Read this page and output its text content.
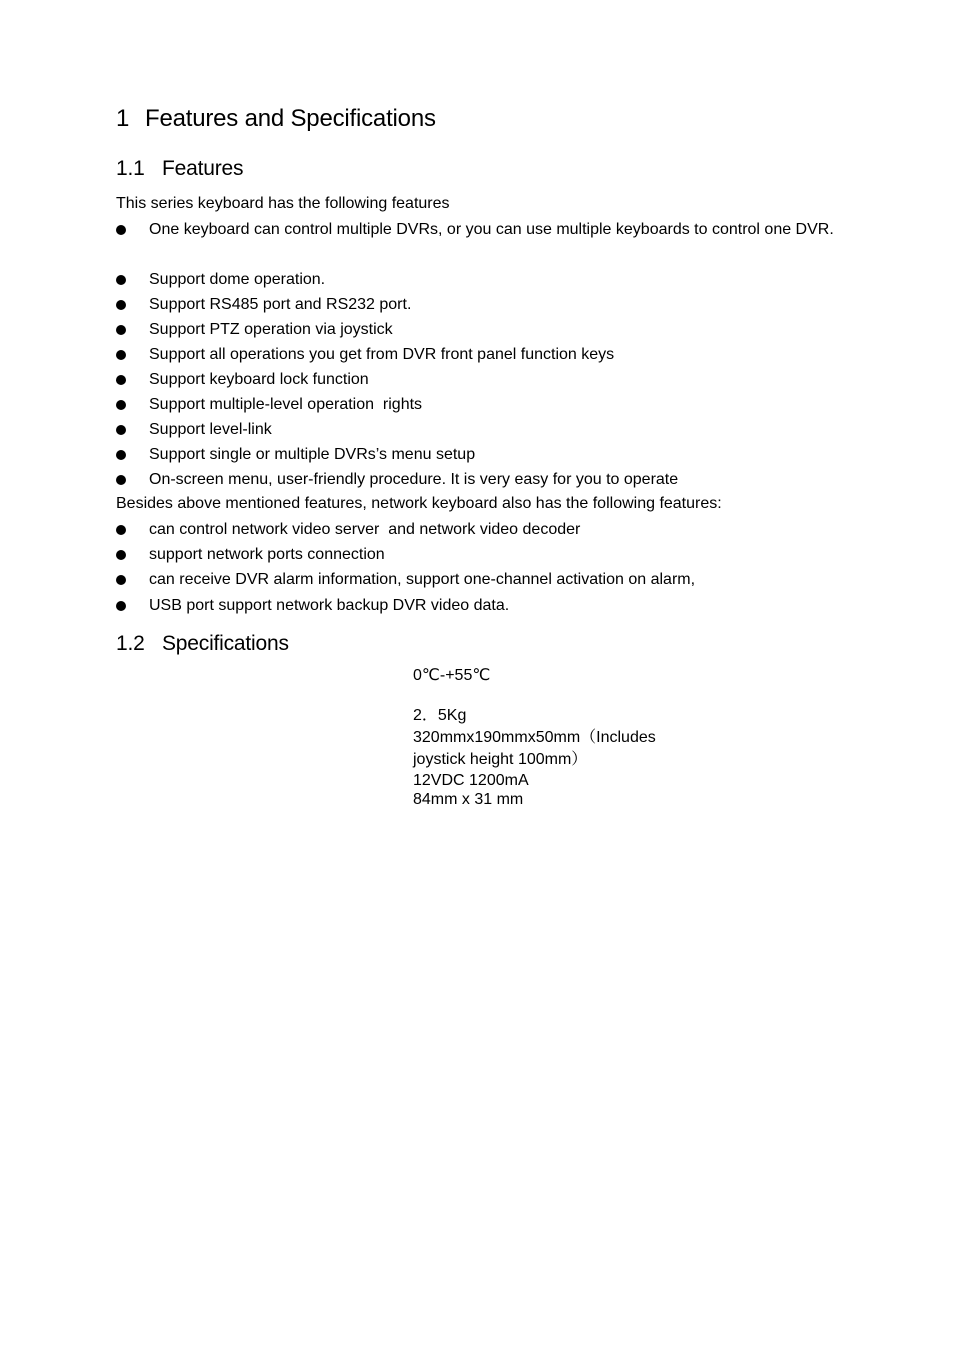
1 Features and Specifications
1.1 Features
This series keyboard has the following features
One keyboard can control multiple DVRs, or you can use multiple keyboards to control one DVR.
Support dome operation.
Support RS485 port and RS232 port.
Support PTZ operation via joystick
Support all operations you get from DVR front panel function keys
Support keyboard lock function
Support multiple-level operation  rights
Support level-link
Support single or multiple DVRs’s menu setup
On-screen menu, user-friendly procedure. It is very easy for you to operate
Besides above mentioned features, network keyboard also has the following features:
can control network video server  and network video decoder
support network ports connection
can receive DVR alarm information, support one-channel activation on alarm,
USB port support network backup DVR video data.
1.2 Specifications
0℃-+55℃
2．5Kg
320mmx190mmx50mm（Includes
joystick height 100mm）
12VDC 1200mA
84mm x 31 mm
